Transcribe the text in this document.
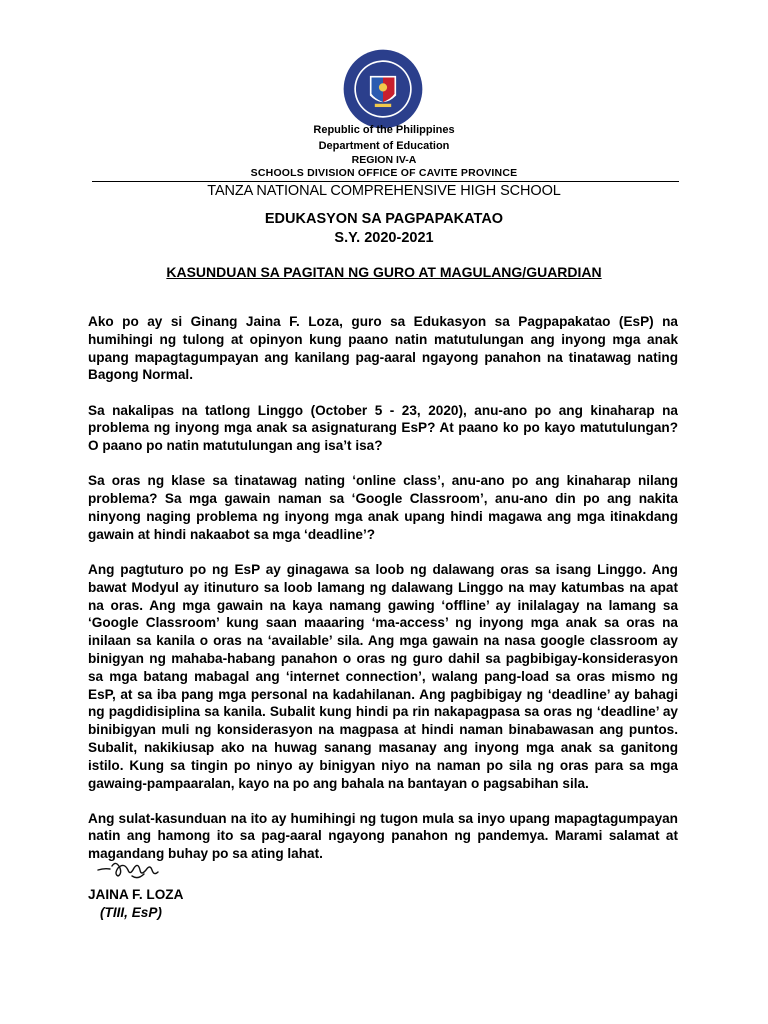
Republic of the Philippines
Department of Education
REGION IV-A
SCHOOLS DIVISION OFFICE OF CAVITE PROVINCE
TANZA NATIONAL COMPREHENSIVE HIGH SCHOOL
EDUKASYON SA PAGPAPAKATAO
S.Y. 2020-2021
KASUNDUAN SA PAGITAN NG GURO AT MAGULANG/GUARDIAN

Ako po ay si Ginang Jaina F. Loza, guro sa Edukasyon sa Pagpapakatao (EsP) na humihingi ng tulong at opinyon kung paano natin matutulungan ang inyong mga anak upang mapagtagumpayan ang kanilang pag-aaral ngayong panahon na tinatawag nating Bagong Normal.

Sa nakalipas na tatlong Linggo (October 5 - 23, 2020), anu-ano po ang kinaharap na problema ng inyong mga anak sa asignaturang EsP? At paano ko po kayo matutulungan? O paano po natin matutulungan ang isa’t isa?

Sa oras ng klase sa tinatawag nating ‘online class’, anu-ano po ang kinaharap nilang problema? Sa mga gawain naman sa ‘Google Classroom’, anu-ano din po ang nakita ninyong naging problema ng inyong mga anak upang hindi magawa ang mga itinakdang gawain at hindi nakaabot sa mga ‘deadline’?

Ang pagtuturo po ng EsP ay ginagawa sa loob ng dalawang oras sa isang Linggo. Ang bawat Modyul ay itinuturo sa loob lamang ng dalawang Linggo na may katumbas na apat na oras. Ang mga gawain na kaya namang gawing ‘offline’ ay inilalagay na lamang sa ‘Google Classroom’ kung saan maaaring ‘ma-access’ ng inyong mga anak sa oras na inilaan sa kanila o oras na ‘available’ sila. Ang mga gawain na nasa google classroom ay binigyan ng mahaba-habang panahon o oras ng guro dahil sa pagbibigay-konsiderasyon sa mga batang mabagal ang ‘internet connection’, walang pang-load sa oras mismo ng EsP, at sa iba pang mga personal na kadahilanan. Ang pagbibigay ng ‘deadline’ ay bahagi ng pagdidisiplina sa kanila. Subalit kung hindi pa rin nakapagpasa sa oras ng ‘deadline’ ay binibigyan muli ng konsiderasyon na magpasa at hindi naman binabawasan ang puntos. Subalit, nakikiusap ako na huwag sanang masanay ang inyong mga anak sa ganitong istilo. Kung sa tingin po ninyo ay binigyan niyo na naman po sila ng oras para sa mga gawaing-pampaaralan, kayo na po ang bahala na bantayan o pagsabihan sila.

Ang sulat-kasunduan na ito ay humihingi ng tugon mula sa inyo upang mapagtagumpayan natin ang hamong ito sa pag-aaral ngayong panahon ng pandemya. Marami salamat at magandang buhay po sa ating lahat.

JAINA F. LOZA
(TIII, EsP)
